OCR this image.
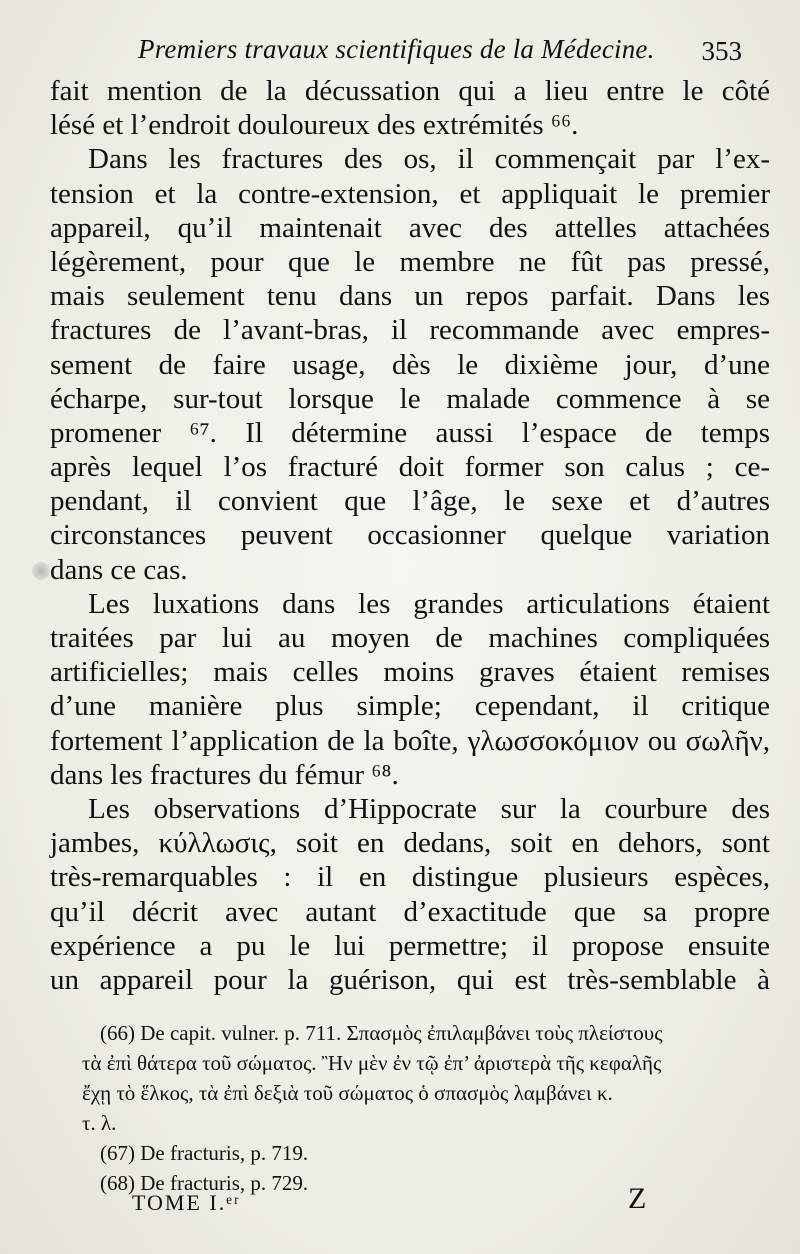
Premiers travaux scientifiques de la Médecine. 353
fait mention de la décussation qui a lieu entre le côté
lésé et l’endroit douloureux des extrémités ⁶⁶.
Dans les fractures des os, il commençait par l’ex-
tension et la contre-extension, et appliquait le premier
appareil, qu’il maintenait avec des attelles attachées
légèrement, pour que le membre ne fût pas pressé,
mais seulement tenu dans un repos parfait. Dans les
fractures de l’avant-bras, il recommande avec empres-
sement de faire usage, dès le dixième jour, d’une
écharpe, sur-tout lorsque le malade commence à se
promener ⁶⁷. Il détermine aussi l’espace de temps
après lequel l’os fracturé doit former son calus ; ce-
pendant, il convient que l’âge, le sexe et d’autres
circonstances peuvent occasionner quelque variation
dans ce cas.
Les luxations dans les grandes articulations étaient
traitées par lui au moyen de machines compliquées
artificielles; mais celles moins graves étaient remises
d’une manière plus simple; cependant, il critique
fortement l’application de la boîte, γλωσσοκόμιον ou σωλῆν,
dans les fractures du fémur ⁶⁸.
Les observations d’Hippocrate sur la courbure des
jambes, κύλλωσις, soit en dedans, soit en dehors, sont
très-remarquables : il en distingue plusieurs espèces,
qu’il décrit avec autant d’exactitude que sa propre
expérience a pu le lui permettre; il propose ensuite
un appareil pour la guérison, qui est très-semblable à
(66) De capit. vulner. p. 711. Σπασμὸς ἐπιλαμβάνει τοὺς πλείστους
τὰ ἐπὶ θάτερα τοῦ σώματος. Ἢν μὲν ἐν τῷ ἐπ’ ἀριστερὰ τῆς κεφαλῆς
ἔχῃ τὸ ἕλκος, τὰ ἐπὶ δεξιὰ τοῦ σώματος ὁ σπασμὸς λαμβάνει κ.
τ. λ.
(67) De fracturis, p. 719.
(68) De fracturis, p. 729.
TOME I.ᵉʳ	Z
